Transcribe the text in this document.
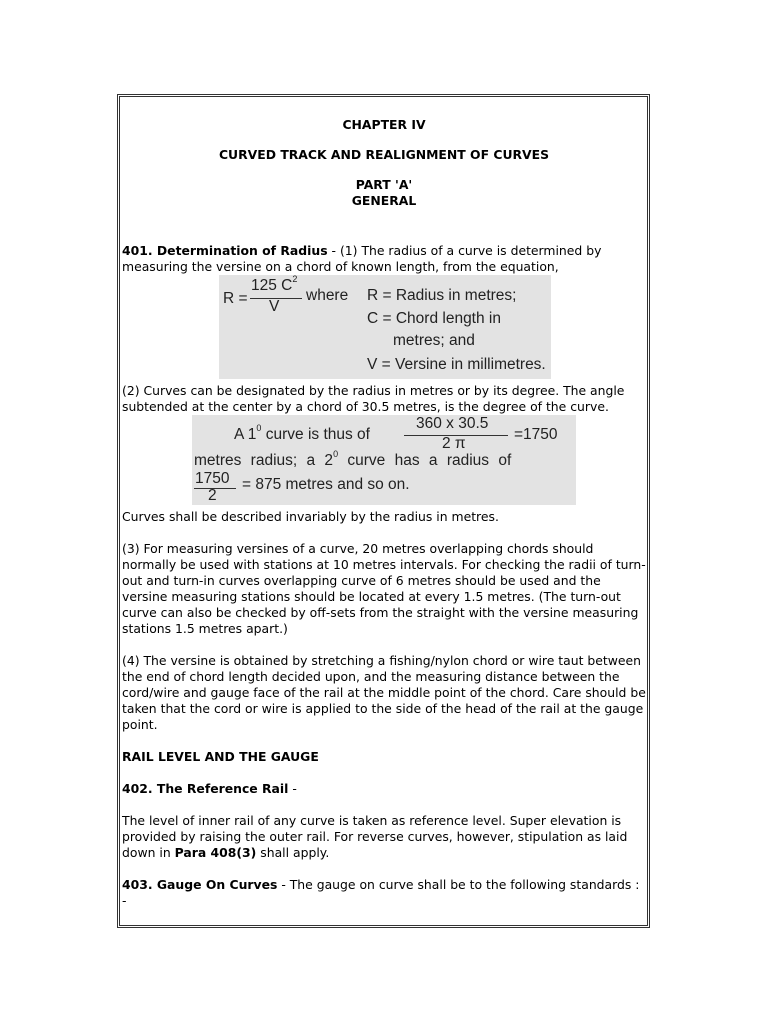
CHAPTER IV

CURVED TRACK AND REALIGNMENT OF CURVES

PART 'A'

GENERAL

401. Determination of Radius - (1) The radius of a curve is determined by measuring the versine on a chord of known length, from the equation,

R =
125 $C^2$
V
where R = Radius in metres;
C = Chord length in
metres; and
V = Versine in millimetres.

(2) Curves can be designated by the radius in metres or by its degree. The angle subtended at the center by a chord of 30.5 metres, is the degree of the curve.

A $1^0$ curve is thus of
360 x 30.5
2 π
=1750
metres radius; a $2^0$ curve has a radius of
1750
2
= 875 metres and so on.

Curves shall be described invariably by the radius in metres.

(3) For measuring versines of a curve, 20 metres overlapping chords should normally be used with stations at 10 metres intervals. For checking the radii of turn-out and turn-in curves overlapping curve of 6 metres should be used and the versine measuring stations should be located at every 1.5 metres. (The turn-out curve can also be checked by off-sets from the straight with the versine measuring stations 1.5 metres apart.)

(4) The versine is obtained by stretching a fishing/nylon chord or wire taut between the end of chord length decided upon, and the measuring distance between the cord/wire and gauge face of the rail at the middle point of the chord. Care should be taken that the cord or wire is applied to the side of the head of the rail at the gauge point.

RAIL LEVEL AND THE GAUGE

402. The Reference Rail -

The level of inner rail of any curve is taken as reference level. Super elevation is provided by raising the outer rail. For reverse curves, however, stipulation as laid down in Para 408(3) shall apply.

403. Gauge On Curves - The gauge on curve shall be to the following standards : -
